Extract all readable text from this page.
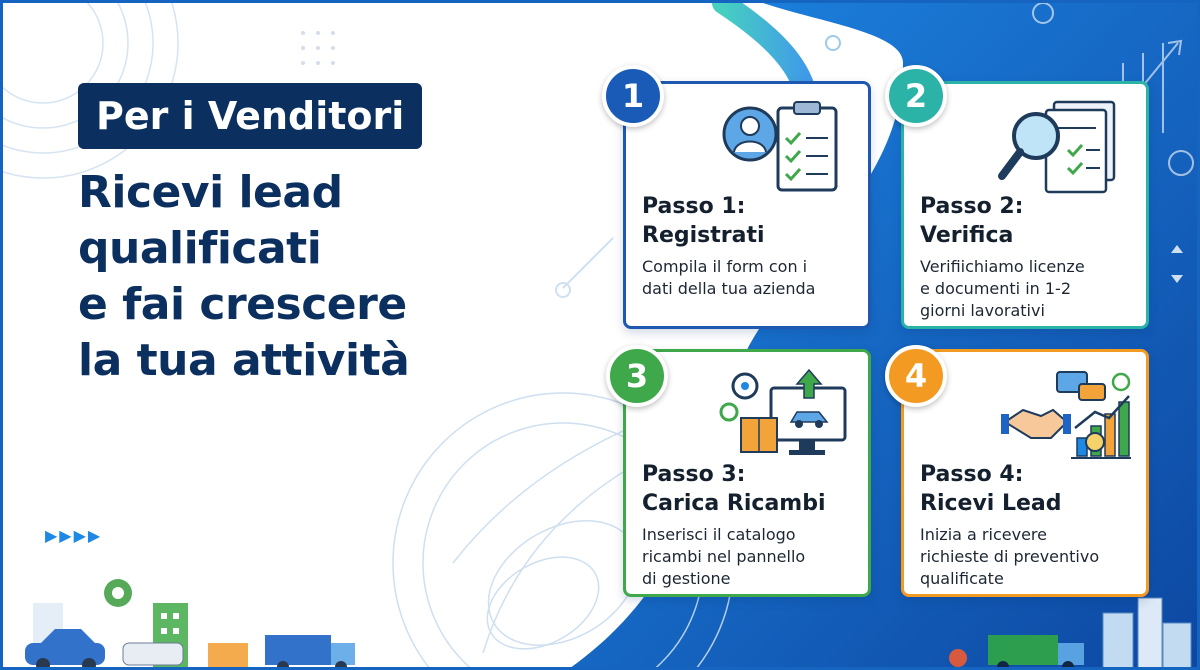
Per i Venditori
Ricevi lead
qualificati
e fai crescere
la tua attività
▶▶▶▶
Passo 1:
Registrati
Compila il form con i
dati della tua azienda
1
Passo 2:
Verifica
Verifiichiamo licenze
e documenti in 1-2
giorni lavorativi
2
Passo 3:
Carica Ricambi
Inserisci il catalogo
ricambi nel pannello
di gestione
3
Passo 4:
Ricevi Lead
Inizia a ricevere
richieste di preventivo
qualificate
4
